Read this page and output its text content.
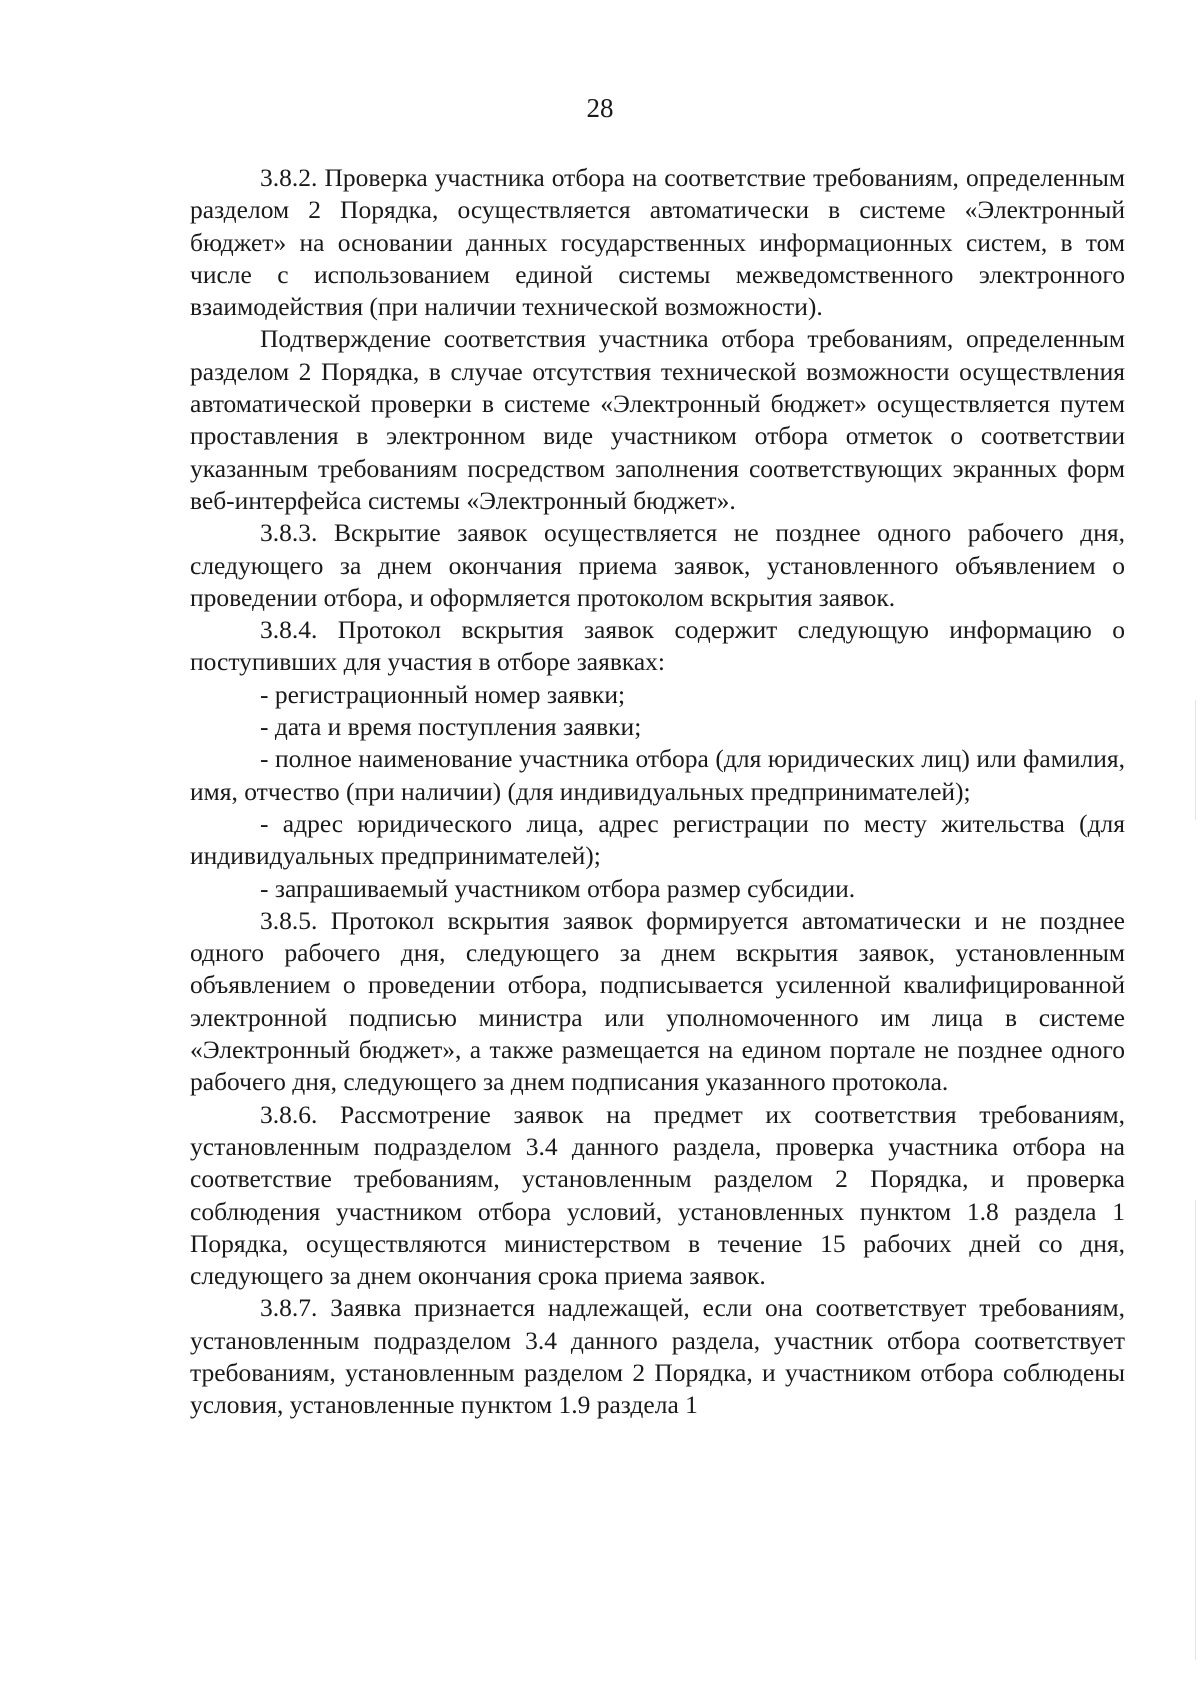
28

3.8.2. Проверка участника отбора на соответствие требованиям, определенным разделом 2 Порядка, осуществляется автоматически в системе «Электронный бюджет» на основании данных государственных информационных систем, в том числе с использованием единой системы межведомственного электронного взаимодействия (при наличии технической возможности).

Подтверждение соответствия участника отбора требованиям, определенным разделом 2 Порядка, в случае отсутствия технической возможности осуществления автоматической проверки в системе «Электронный бюджет» осуществляется путем проставления в электронном виде участником отбора отметок о соответствии указанным требованиям посредством заполнения соответствующих экранных форм веб-интерфейса системы «Электронный бюджет».

3.8.3. Вскрытие заявок осуществляется не позднее одного рабочего дня, следующего за днем окончания приема заявок, установленного объявлением о проведении отбора, и оформляется протоколом вскрытия заявок.

3.8.4. Протокол вскрытия заявок содержит следующую информацию о поступивших для участия в отборе заявках:

- регистрационный номер заявки;

- дата и время поступления заявки;

- полное наименование участника отбора (для юридических лиц) или фамилия, имя, отчество (при наличии) (для индивидуальных предпринимателей);

- адрес юридического лица, адрес регистрации по месту жительства (для индивидуальных предпринимателей);

- запрашиваемый участником отбора размер субсидии.

3.8.5. Протокол вскрытия заявок формируется автоматически и не позднее одного рабочего дня, следующего за днем вскрытия заявок, установленным объявлением о проведении отбора, подписывается усиленной квалифицированной электронной подписью министра или уполномоченного им лица в системе «Электронный бюджет», а также размещается на едином портале не позднее одного рабочего дня, следующего за днем подписания указанного протокола.

3.8.6. Рассмотрение заявок на предмет их соответствия требованиям, установленным подразделом 3.4 данного раздела, проверка участника отбора на соответствие требованиям, установленным разделом 2 Порядка, и проверка соблюдения участником отбора условий, установленных пунктом 1.8 раздела 1 Порядка, осуществляются министерством в течение 15 рабочих дней со дня, следующего за днем окончания срока приема заявок.

3.8.7. Заявка признается надлежащей, если она соответствует требованиям, установленным подразделом 3.4 данного раздела, участник отбора соответствует требованиям, установленным разделом 2 Порядка, и участником отбора соблюдены условия, установленные пунктом 1.9 раздела 1
